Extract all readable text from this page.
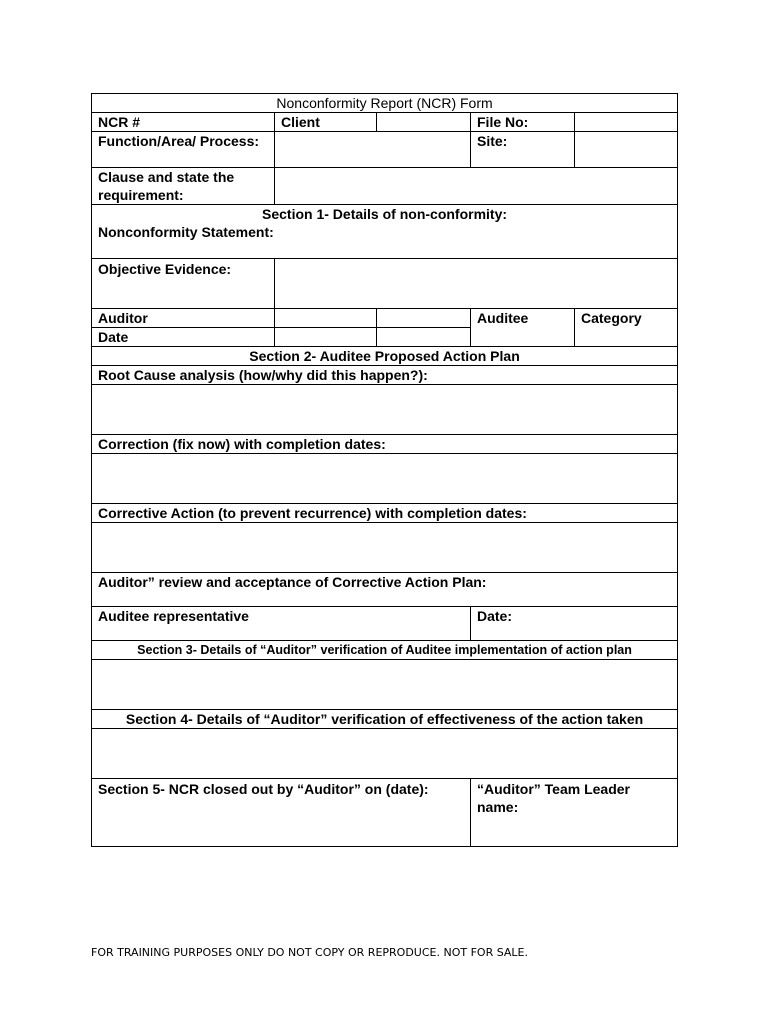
Nonconformity Report (NCR) Form				
NCR #	Client		File No:	
Function/Area/ Process:			Site:	
Clause and state the requirement:				

Section 1- Details of non-conformity:
Nonconformity Statement:				

Objective Evidence:				
Auditor			Auditee	Category
Date				
Section 2- Auditee Proposed Action Plan				
Root Cause analysis (how/why did this happen?):				

Correction (fix now) with completion dates:				

Corrective Action (to prevent recurrence) with completion dates:				

Auditor” review and acceptance of Corrective Action Plan:				
Auditee representative			Date:	
Section 3- Details of “Auditor” verification of Auditee implementation of action plan				

Section 4- Details of “Auditor” verification of effectiveness of the action taken				

Section 5- NCR closed out by “Auditor” on (date):			“Auditor” Team Leader name:	
FOR TRAINING PURPOSES ONLY DO NOT COPY OR REPRODUCE. NOT FOR SALE.
